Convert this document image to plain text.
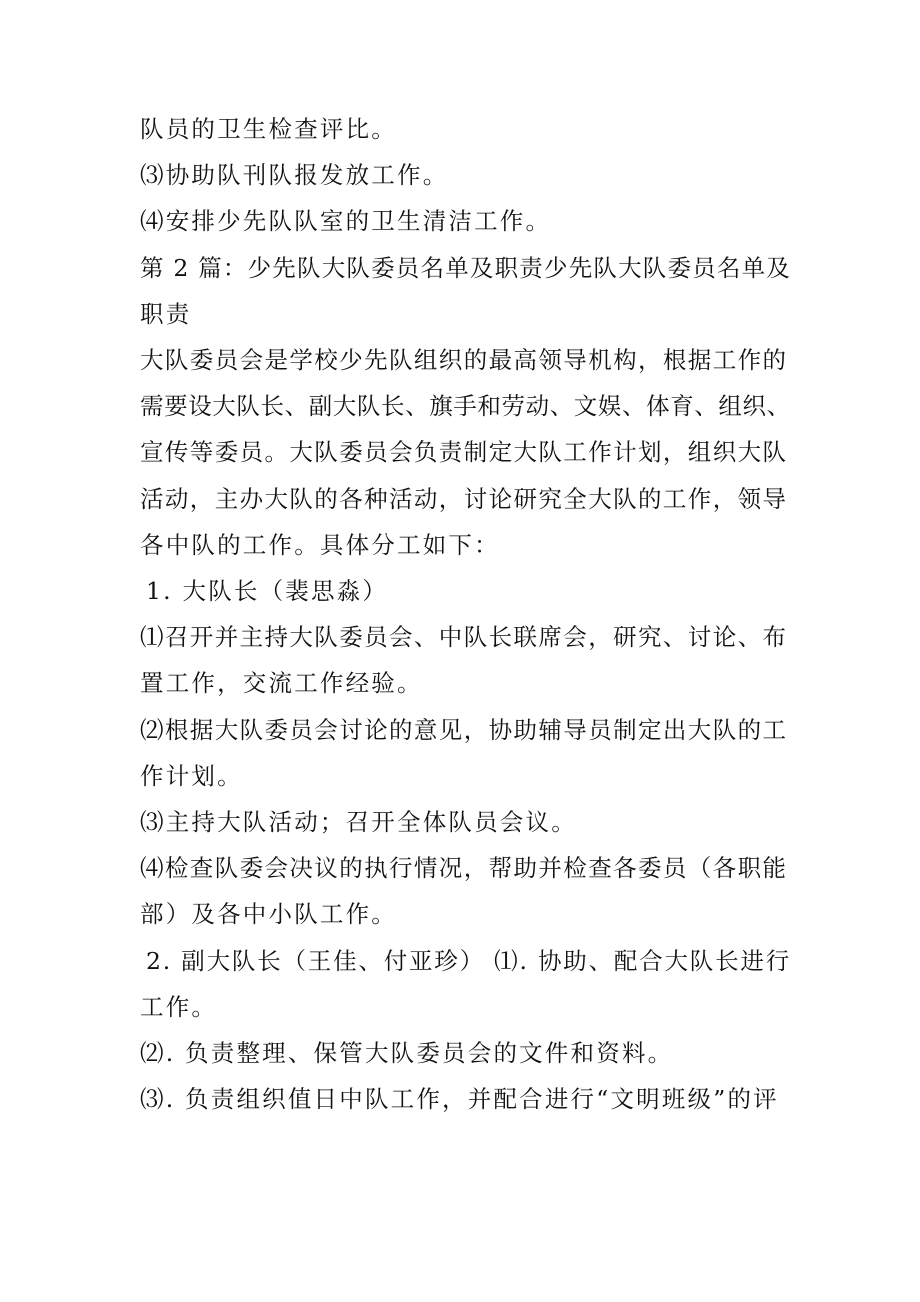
队员的卫生检查评比。

⑶协助队刊队报发放工作。

⑷安排少先队队室的卫生清洁工作。

第 2 篇：少先队大队委员名单及职责少先队大队委员名单及

职责

大队委员会是学校少先队组织的最高领导机构，根据工作的

需要设大队长、副大队长、旗手和劳动、文娱、体育、组织、

宣传等委员。大队委员会负责制定大队工作计划，组织大队

活动，主办大队的各种活动，讨论研究全大队的工作，领导

各中队的工作。具体分工如下：

1. 大队长（裴思淼）

⑴召开并主持大队委员会、中队长联席会，研究、讨论、布

置工作，交流工作经验。

⑵根据大队委员会讨论的意见，协助辅导员制定出大队的工

作计划。

⑶主持大队活动；召开全体队员会议。

⑷检查队委会决议的执行情况，帮助并检查各委员（各职能

部）及各中小队工作。

2. 副大队长（王佳、付亚珍） ⑴. 协助、配合大队长进行

工作。

⑵. 负责整理、保管大队委员会的文件和资料。

⑶. 负责组织值日中队工作，并配合进行“文明班级”的评
